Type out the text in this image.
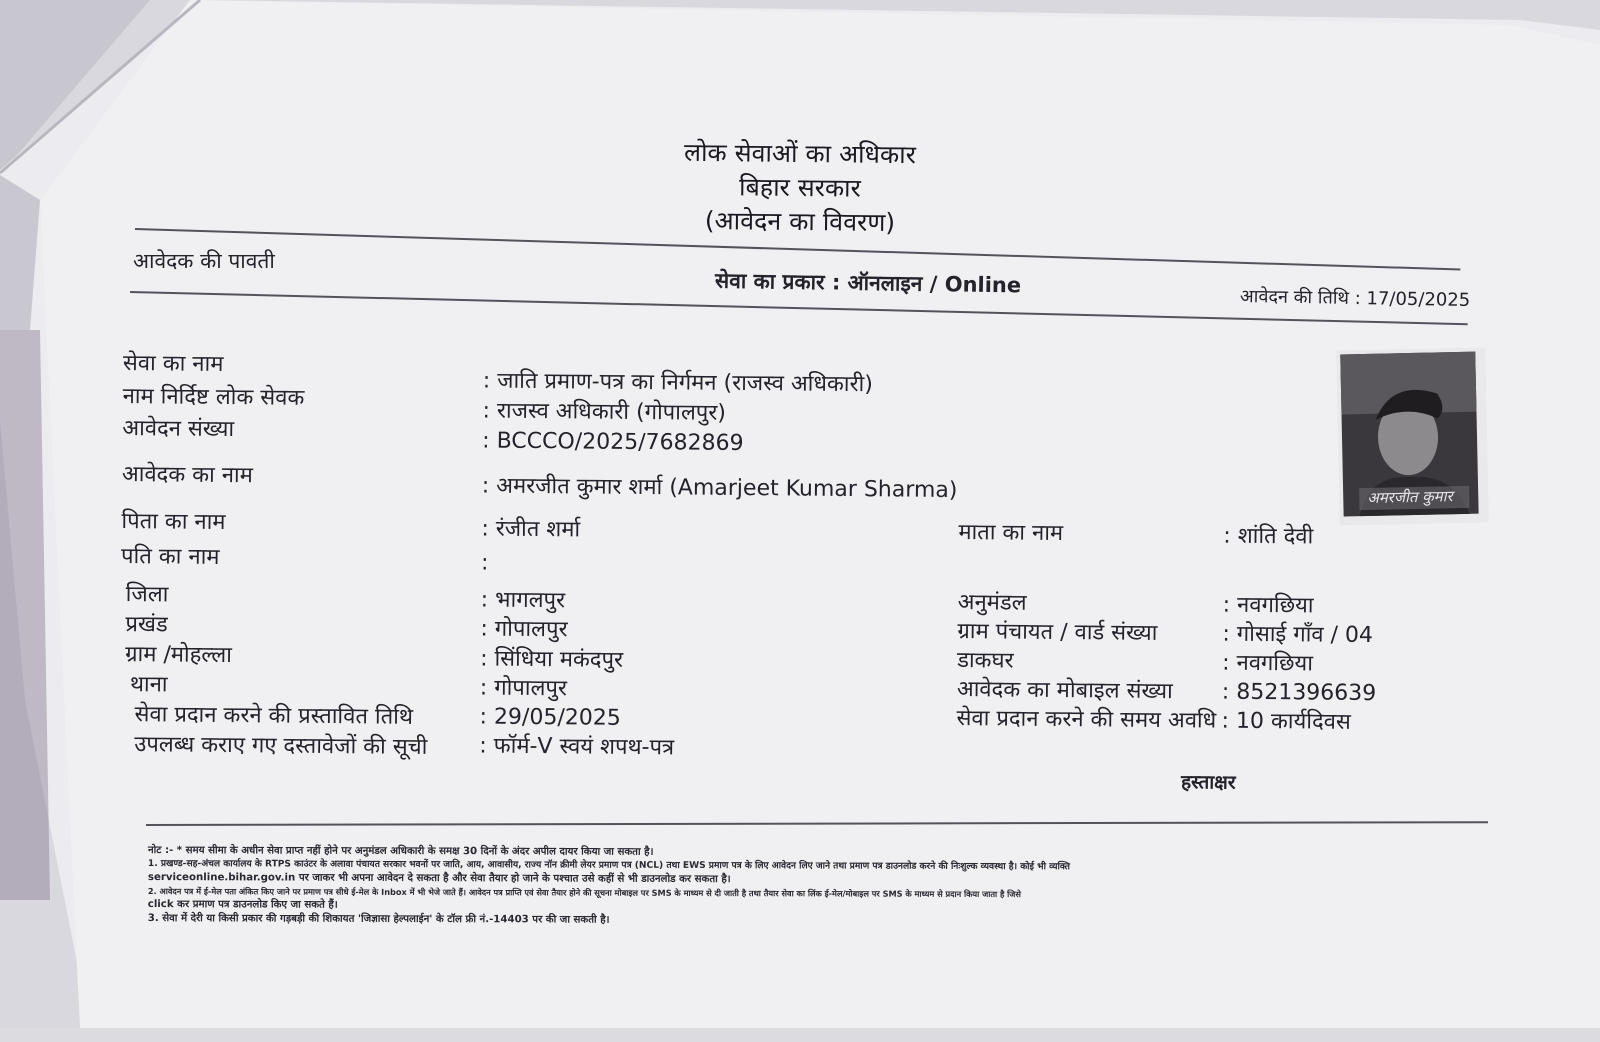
लोक सेवाओं का अधिकार
बिहार सरकार
(आवेदन का विवरण)
आवेदक की पावती
सेवा का प्रकार : ऑनलाइन / Online
आवेदन की तिथि : 17/05/2025
अमरजीत कुमार
सेवा का नाम
: जाति प्रमाण-पत्र का निर्गमन (राजस्व अधिकारी)
नाम निर्दिष्ट लोक सेवक
: राजस्व अधिकारी (गोपालपुर)
आवेदन संख्या	: BCCCO/2025/7682869
आवेदक का नाम	: अमरजीत कुमार शर्मा (Amarjeet Kumar Sharma)
पिता का नाम	: रंजीत शर्मा	माता का नाम	: शांति देवी
पति का नाम	:
जिला	: भागलपुर	अनुमंडल	: नवगछिया
प्रखंड	: गोपालपुर	ग्राम पंचायत / वार्ड संख्या	: गोसाई गाँव / 04
ग्राम /मोहल्ला	: सिंधिया मकंदपुर	डाकघर	: नवगछिया
थाना	: गोपालपुर	आवेदक का मोबाइल संख्या : 8521396639
सेवा प्रदान करने की प्रस्तावित तिथि	: 29/05/2025	सेवा प्रदान करने की समय अवधि : 10 कार्यदिवस
उपलब्ध कराए गए दस्तावेजों की सूची : फॉर्म-V स्वयं शपथ-पत्र
हस्ताक्षर
नोट :- * समय सीमा के अधीन सेवा प्राप्त नहीं होने पर अनुमंडल अधिकारी के समक्ष 30 दिनों के अंदर अपील दायर किया जा सकता है।
1. प्रखण्ड-सह-अंचल कार्यालय के RTPS काउंटर के अलावा पंचायत सरकार भवनों पर जाति, आय, आवासीय, राज्य नॉन क्रीमी लेयर प्रमाण पत्र (NCL) तथा EWS प्रमाण पत्र के लिए आवेदन लिए जाने तथा प्रमाण पत्र डाउनलोड करने की निःशुल्क व्यवस्था है। कोई भी व्यक्ति
serviceonline.bihar.gov.in पर जाकर भी अपना आवेदन दे सकता है और सेवा तैयार हो जाने के पश्चात उसे कहीं से भी डाउनलोड कर सकता है।
2. आवेदन पत्र में ई-मेल पता अंकित किए जाने पर प्रमाण पत्र सीधे ई-मेल के Inbox में भी भेजे जाते हैं। आवेदन पत्र प्राप्ति एवं सेवा तैयार होने की सूचना मोबाइल पर SMS के माध्यम से दी जाती है तथा तैयार सेवा का लिंक ई-मेल/मोबाइल पर SMS के माध्यम से प्रदान किया जाता है जिसे
click कर प्रमाण पत्र डाउनलोड किए जा सकते हैं।
3. सेवा में देरी या किसी प्रकार की गड़बड़ी की शिकायत 'जिज्ञासा हेल्पलाईन' के टॉल फ्री नं.-14403 पर की जा सकती है।
